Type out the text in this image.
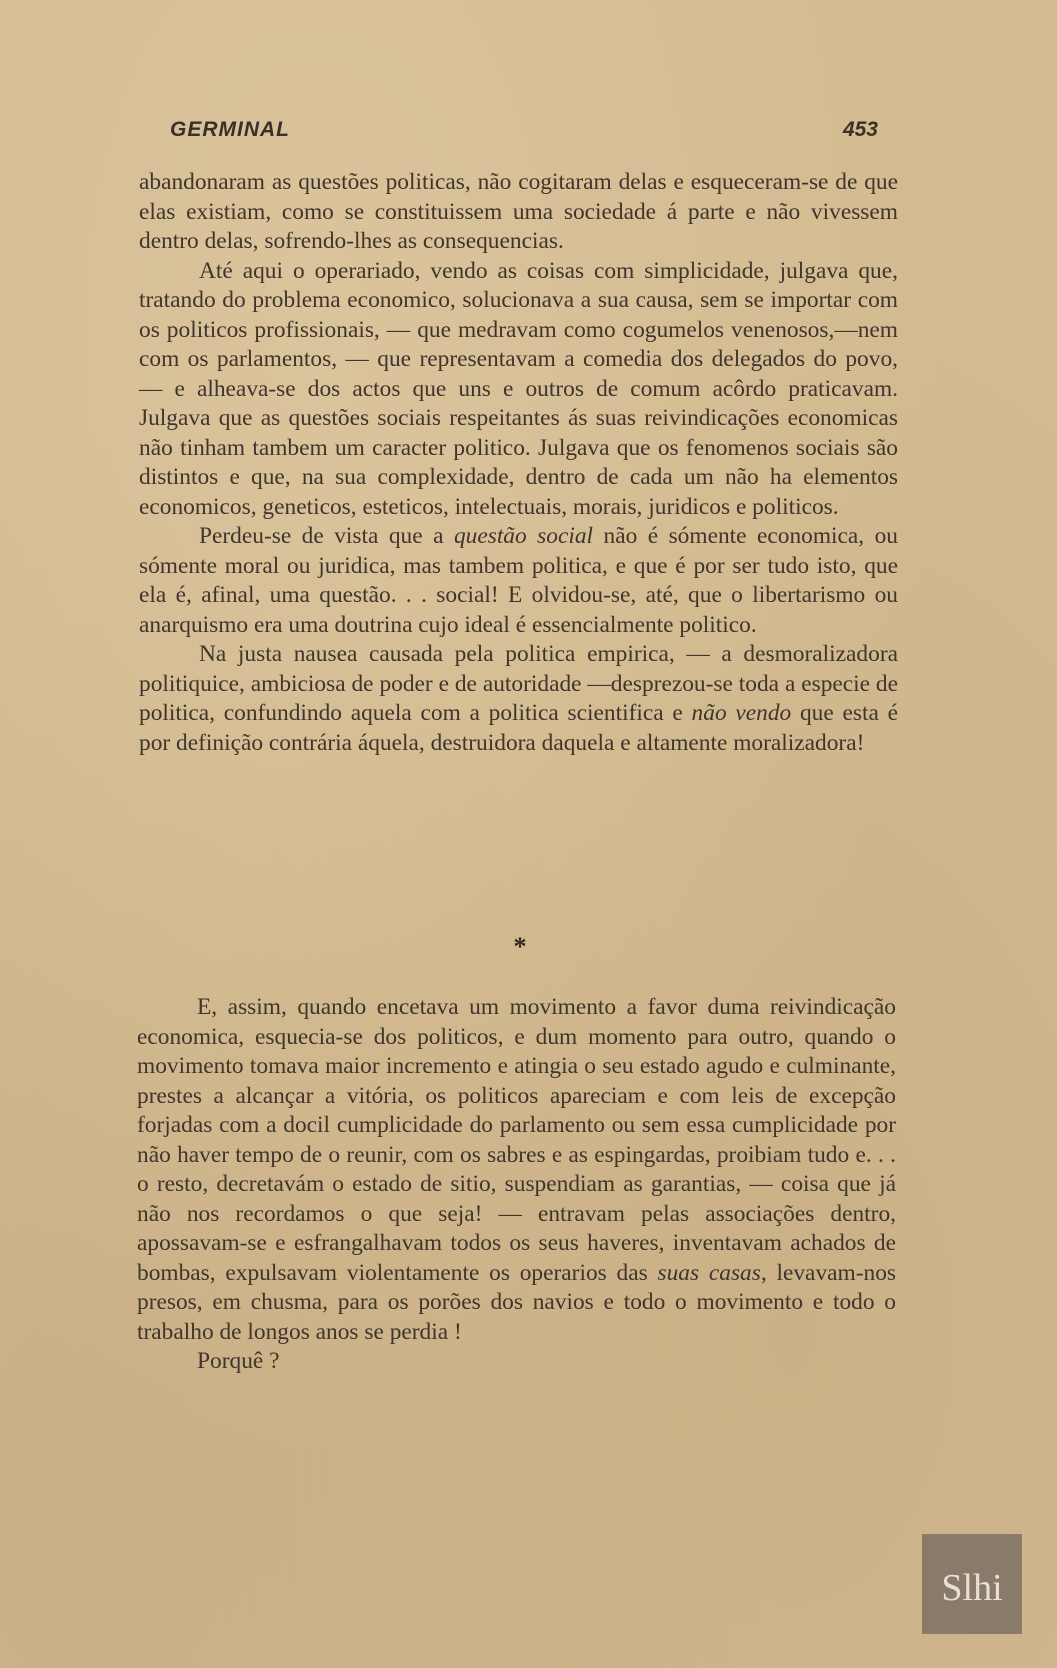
GERMINAL	453

abandonaram as questões politicas, não cogitaram delas e esqueceram-se de que elas existiam, como se constituissem uma sociedade á parte e não vivessem dentro delas, sofrendo-lhes as consequencias.

Até aqui o operariado, vendo as coisas com simplicidade, julgava que, tratando do problema economico, solucionava a sua causa, sem se importar com os politicos profissionais, — que medravam como cogumelos venenosos,—nem com os parlamentos, — que representavam a comedia dos delegados do povo, — e alheava-se dos actos que uns e outros de comum acôrdo praticavam. Julgava que as questões sociais respeitantes ás suas reivindicações economicas não tinham tambem um caracter politico. Julgava que os fenomenos sociais são distintos e que, na sua complexidade, dentro de cada um não ha elementos economicos, geneticos, esteticos, intelectuais, morais, juridicos e politicos.

Perdeu-se de vista que a questão social não é sómente economica, ou sómente moral ou juridica, mas tambem politica, e que é por ser tudo isto, que ela é, afinal, uma questão. . . social! E olvidou-se, até, que o libertarismo ou anarquismo era uma doutrina cujo ideal é essencialmente politico.

Na justa nausea causada pela politica empirica, — a desmoralizadora politiquice, ambiciosa de poder e de autoridade —desprezou-se toda a especie de politica, confundindo aquela com a politica scientifica e não vendo que esta é por definição contrária áquela, destruidora daquela e altamente moralizadora!

*

E, assim, quando encetava um movimento a favor duma reivindicação economica, esquecia-se dos politicos, e dum momento para outro, quando o movimento tomava maior incremento e atingia o seu estado agudo e culminante, prestes a alcançar a vitória, os politicos apareciam e com leis de excepção forjadas com a docil cumplicidade do parlamento ou sem essa cumplicidade por não haver tempo de o reunir, com os sabres e as espingardas, proibiam tudo e. . . o resto, decretavám o estado de sitio, suspendiam as garantias, — coisa que já não nos recordamos o que seja! — entravam pelas associações dentro, apossavam-se e esfrangalhavam todos os seus haveres, inventavam achados de bombas, expulsavam violentamente os operarios das suas casas, levavam-nos presos, em chusma, para os porões dos navios e todo o movimento e todo o trabalho de longos anos se perdia !

Porquê ?

Slhi
